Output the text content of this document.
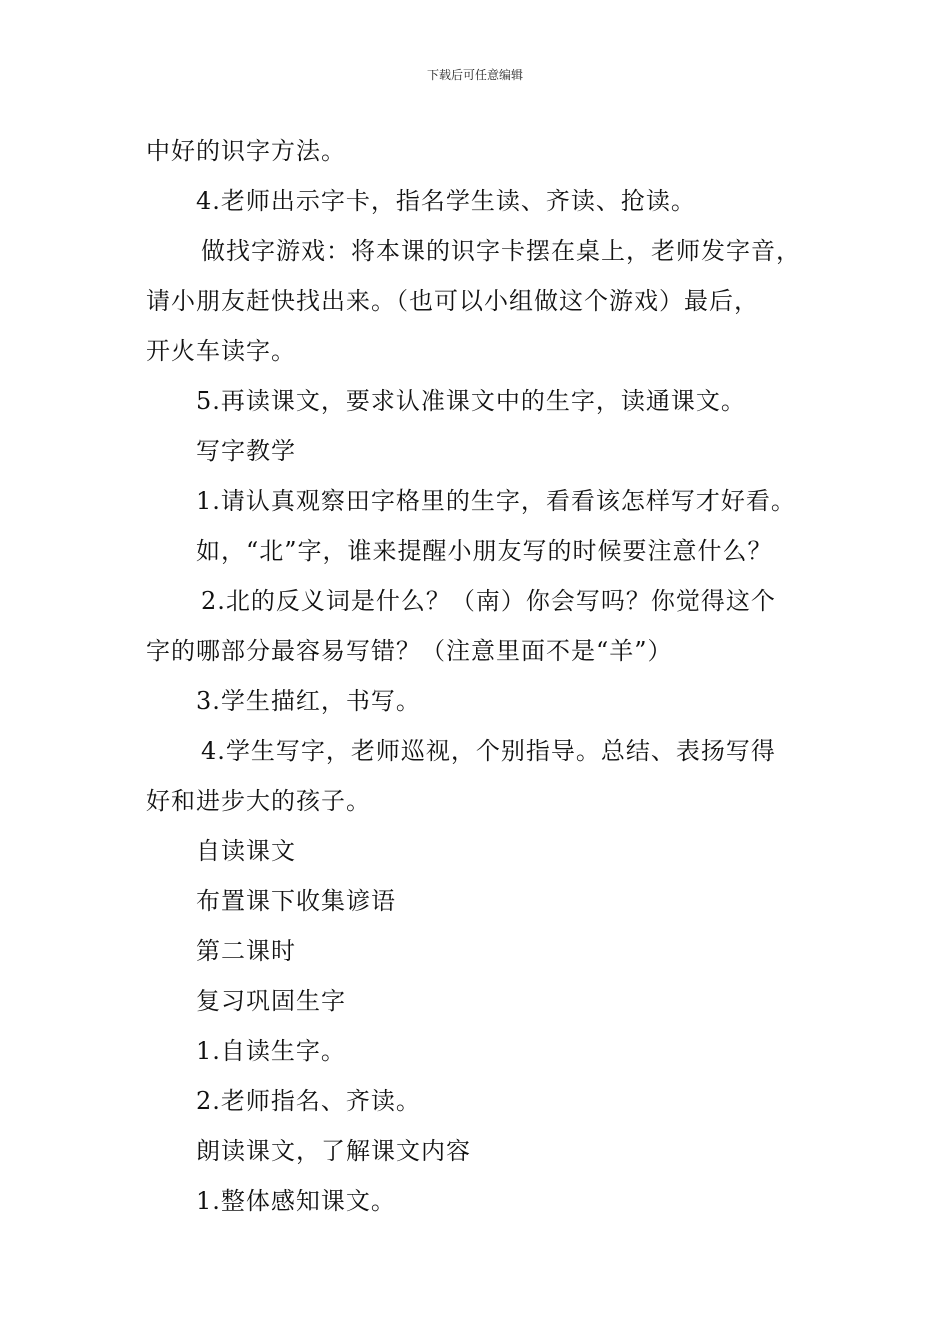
下载后可任意编辑
中好的识字方法。
4.老师出示字卡，指名学生读、齐读、抢读。
做找字游戏：将本课的识字卡摆在桌上，老师发字音，
请小朋友赶快找出来。（也可以小组做这个游戏）最后，
开火车读字。
5.再读课文，要求认准课文中的生字，读通课文。
写字教学
1.请认真观察田字格里的生字，看看该怎样写才好看。
如，“北”字，谁来提醒小朋友写的时候要注意什么？
2.北的反义词是什么？（南）你会写吗？你觉得这个
字的哪部分最容易写错？（注意里面不是“羊”）
3.学生描红，书写。
4.学生写字，老师巡视，个别指导。总结、表扬写得
好和进步大的孩子。
自读课文
布置课下收集谚语
第二课时
复习巩固生字
1.自读生字。
2.老师指名、齐读。
朗读课文，了解课文内容
1.整体感知课文。
